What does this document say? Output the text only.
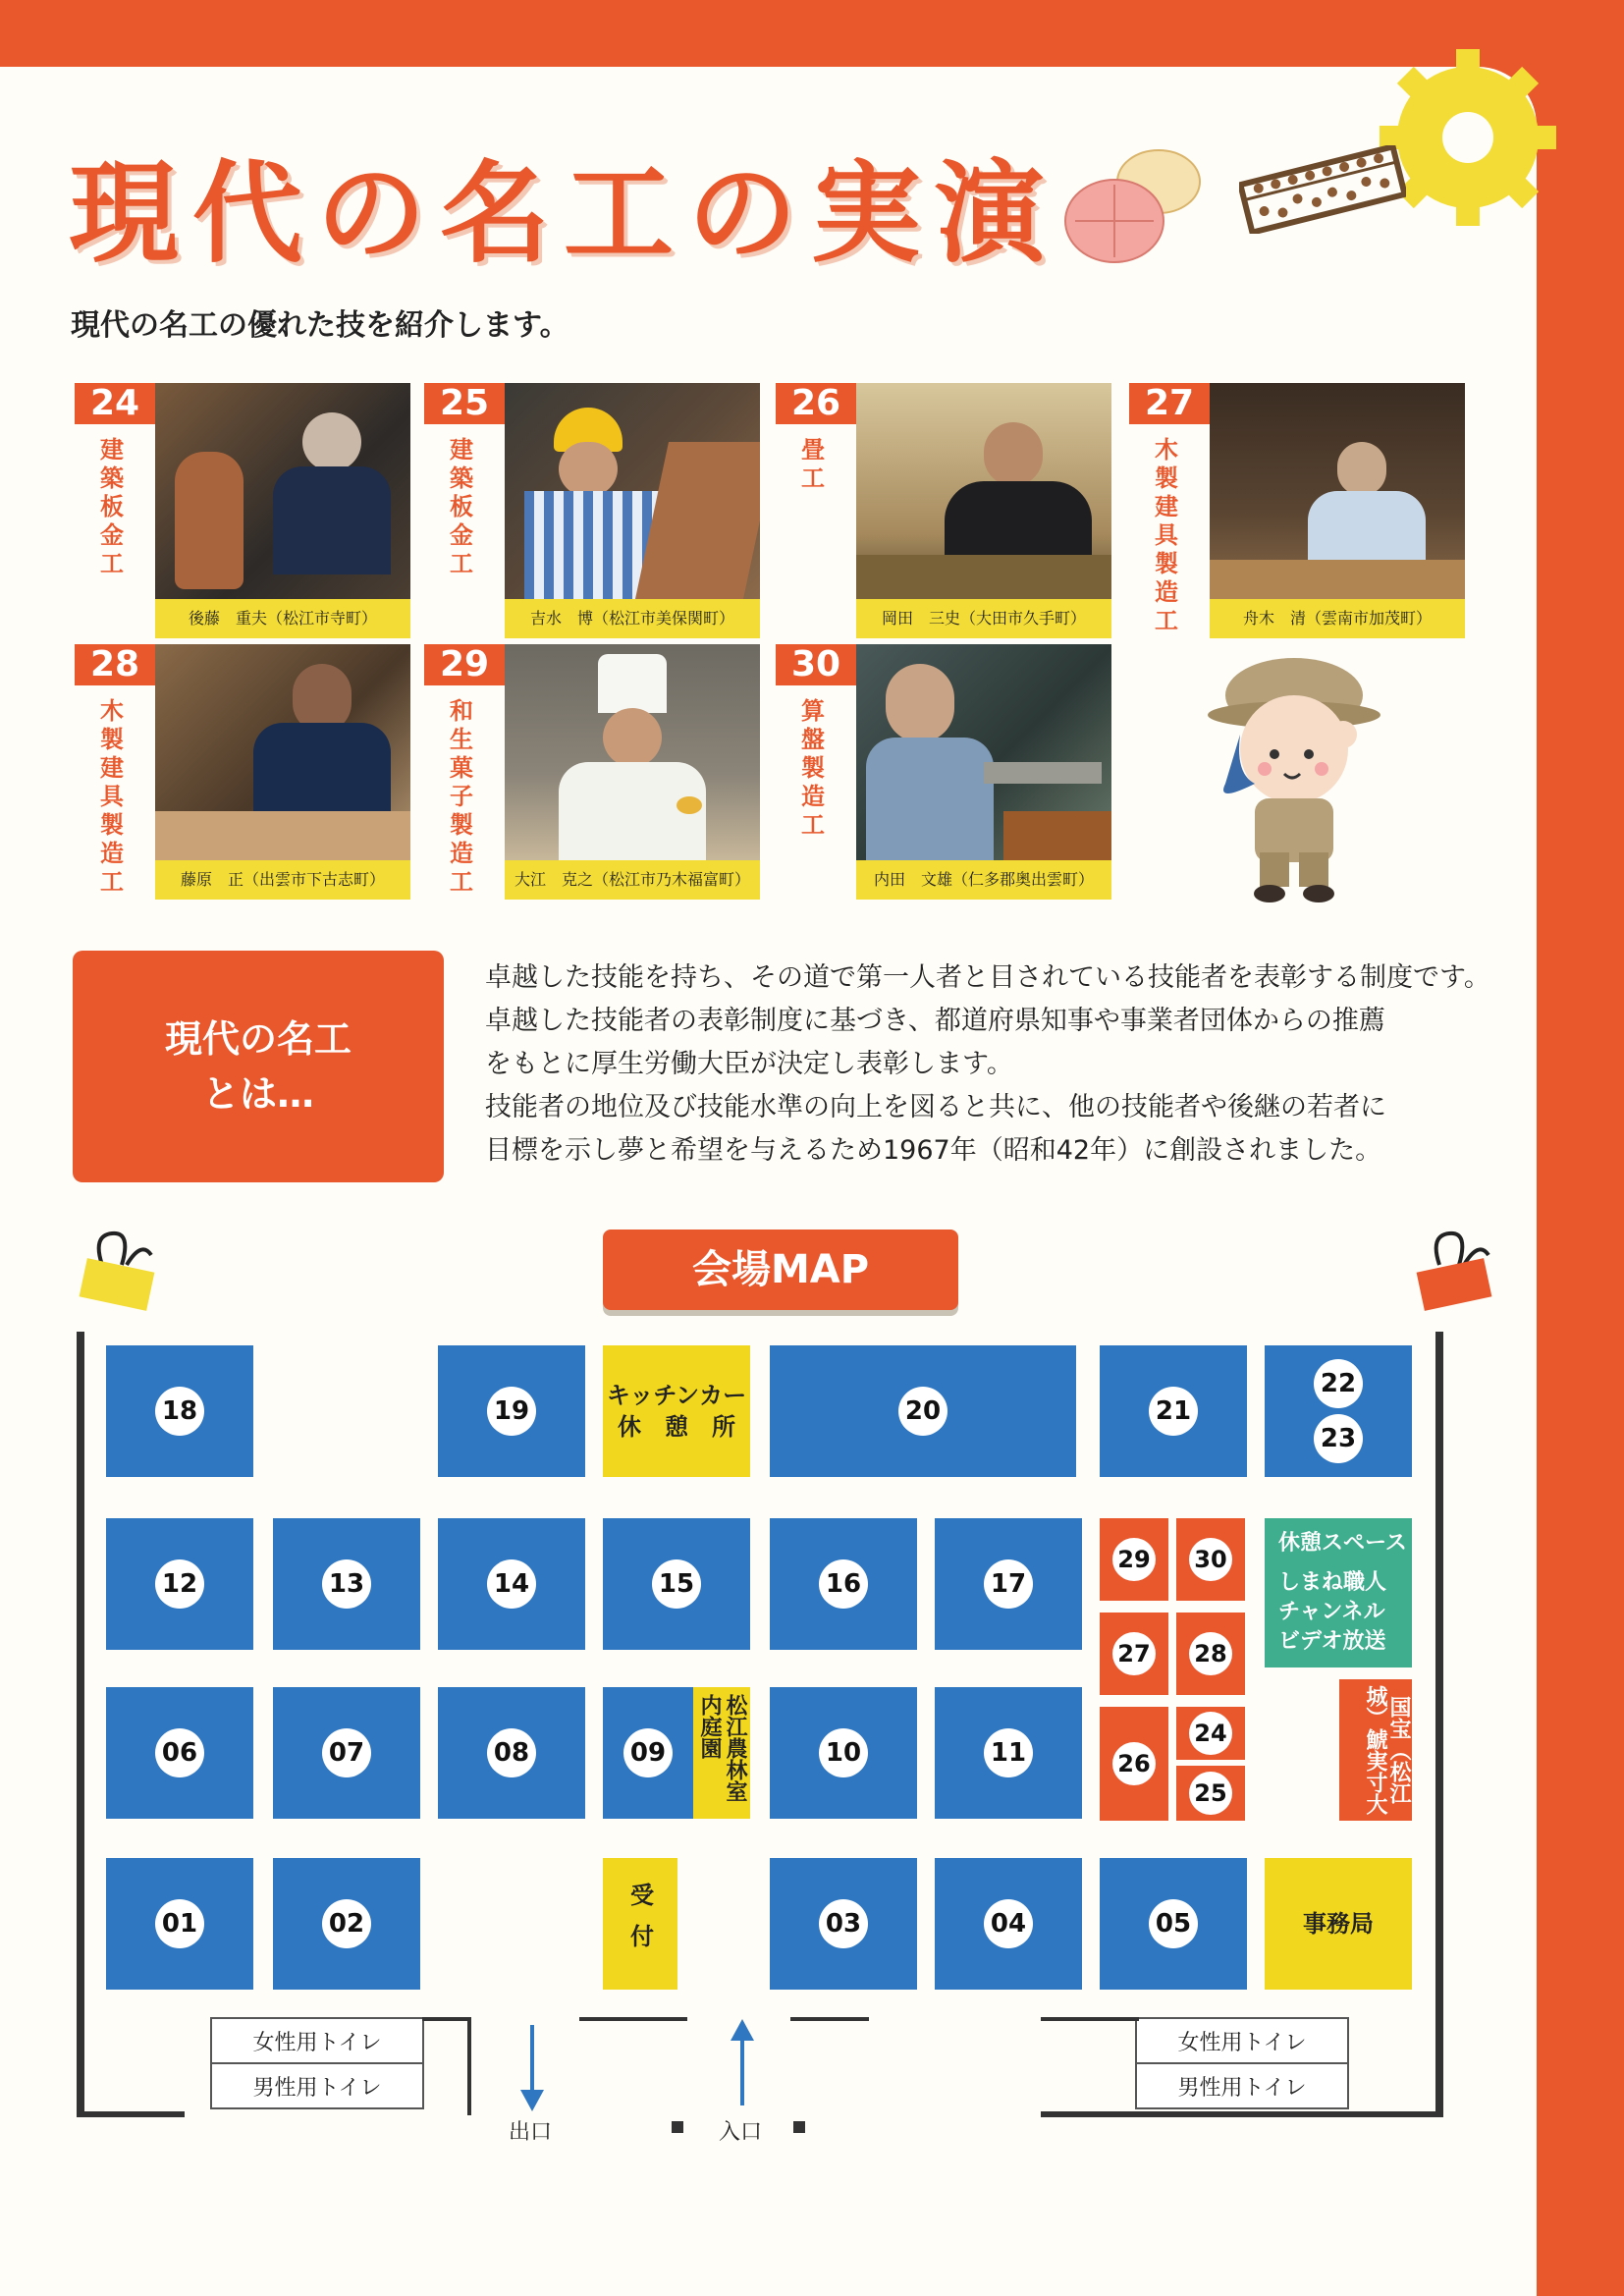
現代の名工の実演
現代の名工の優れた技を紹介します。
24
建築板金工
後藤　重夫（松江市寺町）
25
建築板金工
吉水　博（松江市美保関町）
26
畳工
岡田　三史（大田市久手町）
27
木製建具製造工	舟木　清（雲南市加茂町）
28
木製建具製造工	藤原　正（出雲市下古志町）
29
和生菓子製造工	大江　克之（松江市乃木福富町）
30
算盤製造工
内田　文雄（仁多郡奥出雲町）
現代の名工
とは…
卓越した技能を持ち、その道で第一人者と目されている技能者を表彰する制度です。
卓越した技能者の表彰制度に基づき、都道府県知事や事業者団体からの推薦
をもとに厚生労働大臣が決定し表彰します。
技能者の地位及び技能水準の向上を図ると共に、他の技能者や後継の若者に
目標を示し夢と希望を与えるため1967年（昭和42年）に創設されました。
会場MAP
18	19
キッチンカー
休　憩　所
20	21
22
23
12	13	14	15	16	17
29 30
27 28
26
24
25
休憩スペース
しまね職人
チャンネル
ビデオ放送
国宝（松江城）鯱実寸大
06	07	08	09	松江農林室内庭園	10	11
01	02	受付	03	04	05	事務局
女性用トイレ
男性用トイレ
女性用トイレ
男性用トイレ
出口	入口
